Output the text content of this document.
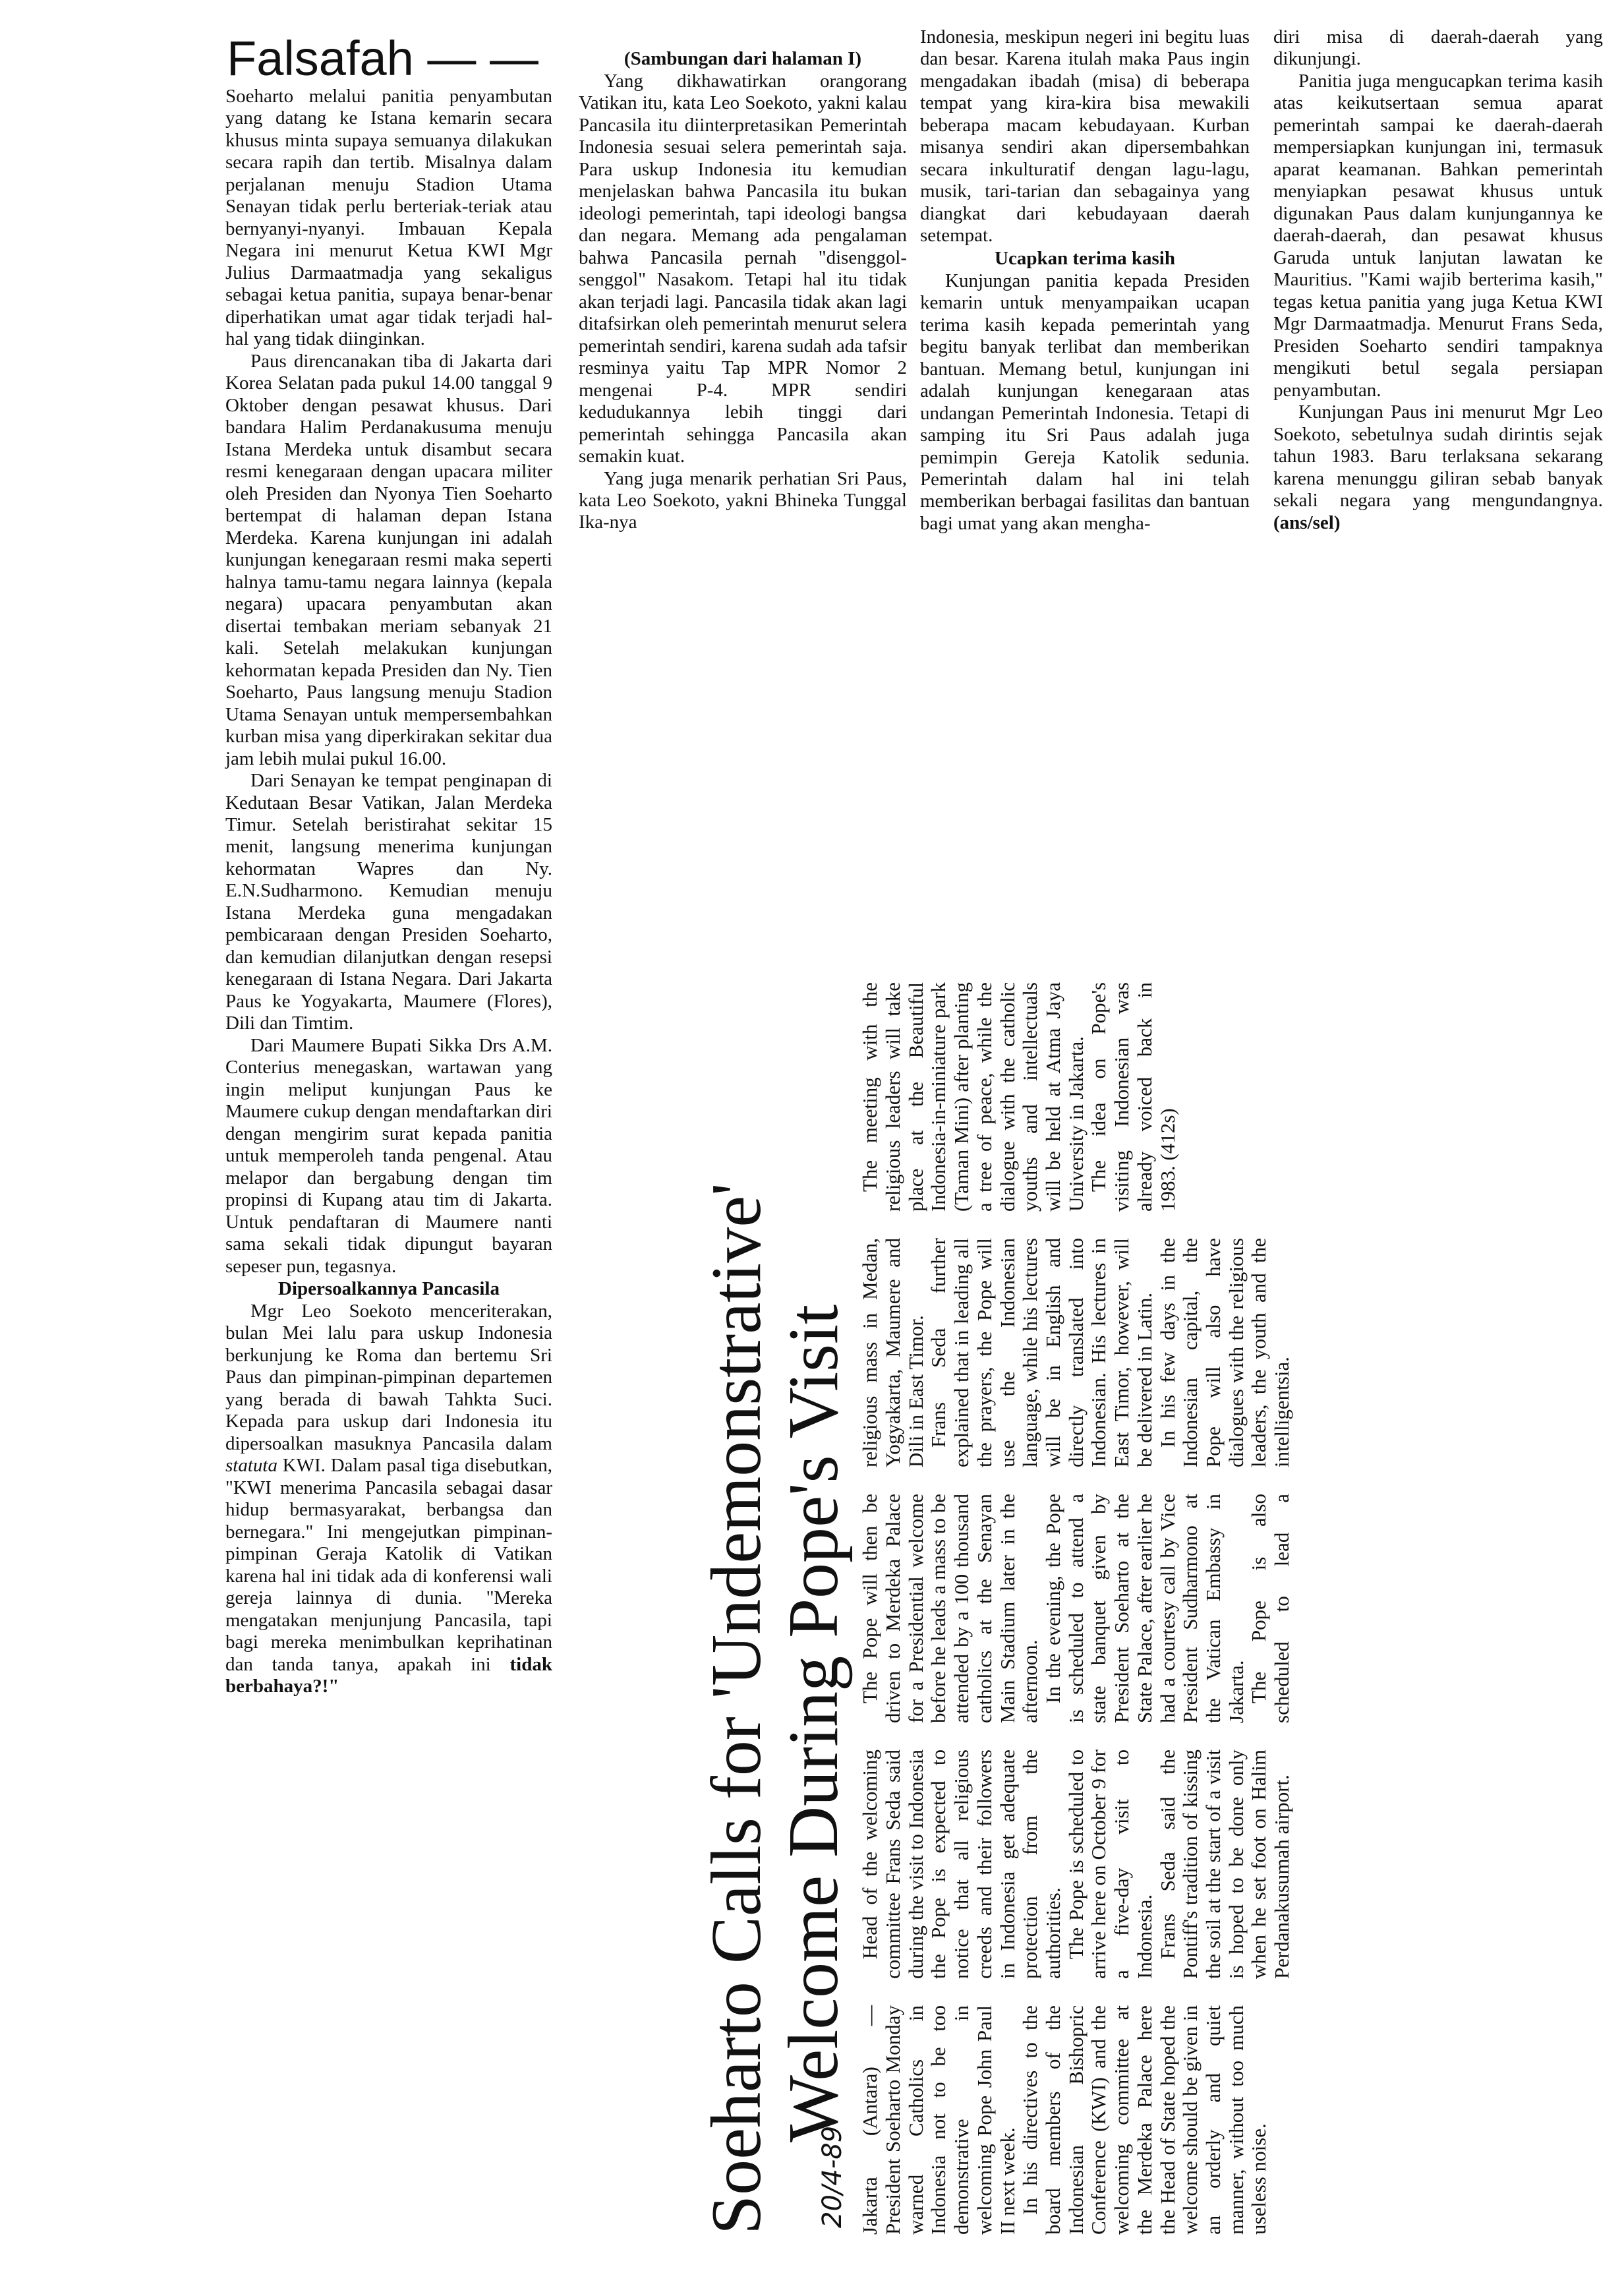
Falsafah — —

Soeharto melalui panitia penyambutan yang datang ke Istana kemarin secara khusus minta supaya semuanya dilakukan secara rapih dan tertib. Misalnya dalam perjalanan menuju Stadion Utama Senayan tidak perlu berteriak-teriak atau bernyanyi-nyanyi. Imbauan Kepala Negara ini menurut Ketua KWI Mgr Julius Darmaatmadja yang sekaligus sebagai ketua panitia, supaya benar-benar diperhatikan umat agar tidak terjadi hal-hal yang tidak diinginkan.

Paus direncanakan tiba di Jakarta dari Korea Selatan pada pukul 14.00 tanggal 9 Oktober dengan pesawat khusus. Dari bandara Halim Perdanakusuma menuju Istana Merdeka untuk disambut secara resmi kenegaraan dengan upacara militer oleh Presiden dan Nyonya Tien Soeharto bertempat di halaman depan Istana Merdeka. Karena kunjungan ini adalah kunjungan kenegaraan resmi maka seperti halnya tamu-tamu negara lainnya (kepala negara) upacara penyambutan akan disertai tembakan meriam sebanyak 21 kali. Setelah melakukan kunjungan kehormatan kepada Presiden dan Ny. Tien Soeharto, Paus langsung menuju Stadion Utama Senayan untuk mempersembahkan kurban misa yang diperkirakan sekitar dua jam lebih mulai pukul 16.00.

Dari Senayan ke tempat penginapan di Kedutaan Besar Vatikan, Jalan Merdeka Timur. Setelah beristirahat sekitar 15 menit, langsung menerima kunjungan kehormatan Wapres dan Ny. E.N.Sudharmono. Kemudian menuju Istana Merdeka guna mengadakan pembicaraan dengan Presiden Soeharto, dan kemudian dilanjutkan dengan resepsi kenegaraan di Istana Negara. Dari Jakarta Paus ke Yogyakarta, Maumere (Flores), Dili dan Timtim.

Dari Maumere Bupati Sikka Drs A.M. Conterius menegaskan, wartawan yang ingin meliput kunjungan Paus ke Maumere cukup dengan mendaftarkan diri dengan mengirim surat kepada panitia untuk memperoleh tanda pengenal. Atau melapor dan bergabung dengan tim propinsi di Kupang atau tim di Jakarta. Untuk pendaftaran di Maumere nanti sama sekali tidak dipungut bayaran sepeser pun, tegasnya.

Dipersoalkannya Pancasila

Mgr Leo Soekoto menceriterakan, bulan Mei lalu para uskup Indonesia berkunjung ke Roma dan bertemu Sri Paus dan pimpinan-pimpinan departemen yang berada di bawah Tahkta Suci. Kepada para uskup dari Indonesia itu dipersoalkan masuknya Pancasila dalam statuta KWI. Dalam pasal tiga disebutkan, "KWI menerima Pancasila sebagai dasar hidup bermasyarakat, berbangsa dan bernegara." Ini mengejutkan pimpinan-pimpinan Geraja Katolik di Vatikan karena hal ini tidak ada di konferensi wali gereja lainnya di dunia. "Mereka mengatakan menjunjung Pancasila, tapi bagi mereka menimbulkan keprihatinan dan tanda tanya, apakah ini tidak berbahaya?!"

(Sambungan dari halaman I)

Yang dikhawatirkan orangorang Vatikan itu, kata Leo Soekoto, yakni kalau Pancasila itu diinterpretasikan Pemerintah Indonesia sesuai selera pemerintah saja. Para uskup Indonesia itu kemudian menjelaskan bahwa Pancasila itu bukan ideologi pemerintah, tapi ideologi bangsa dan negara. Memang ada pengalaman bahwa Pancasila pernah "disenggol-senggol" Nasakom. Tetapi hal itu tidak akan terjadi lagi. Pancasila tidak akan lagi ditafsirkan oleh pemerintah menurut selera pemerintah sendiri, karena sudah ada tafsir resminya yaitu Tap MPR Nomor 2 mengenai P-4. MPR sendiri kedudukannya lebih tinggi dari pemerintah sehingga Pancasila akan semakin kuat.

Yang juga menarik perhatian Sri Paus, kata Leo Soekoto, yakni Bhineka Tunggal Ika-nya

Indonesia, meskipun negeri ini begitu luas dan besar. Karena itulah maka Paus ingin mengadakan ibadah (misa) di beberapa tempat yang kira-kira bisa mewakili beberapa macam kebudayaan. Kurban misanya sendiri akan dipersembahkan secara inkulturatif dengan lagu-lagu, musik, tari-tarian dan sebagainya yang diangkat dari kebudayaan daerah setempat.

Ucapkan terima kasih

Kunjungan panitia kepada Presiden kemarin untuk menyampaikan ucapan terima kasih kepada pemerintah yang begitu banyak terlibat dan memberikan bantuan. Memang betul, kunjungan ini adalah kunjungan kenegaraan atas undangan Pemerintah Indonesia. Tetapi di samping itu Sri Paus adalah juga pemimpin Gereja Katolik sedunia. Pemerintah dalam hal ini telah memberikan berbagai fasilitas dan bantuan bagi umat yang akan mengha-

diri misa di daerah-daerah yang dikunjungi.

Panitia juga mengucapkan terima kasih atas keikutsertaan semua aparat pemerintah sampai ke daerah-daerah mempersiapkan kunjungan ini, termasuk aparat keamanan. Bahkan pemerintah menyiapkan pesawat khusus untuk digunakan Paus dalam kunjungannya ke daerah-daerah, dan pesawat khusus Garuda untuk lanjutan lawatan ke Mauritius. "Kami wajib berterima kasih," tegas ketua panitia yang juga Ketua KWI Mgr Darmaatmadja. Menurut Frans Seda, Presiden Soeharto sendiri tampaknya mengikuti betul segala persiapan penyambutan.

Kunjungan Paus ini menurut Mgr Leo Soekoto, sebetulnya sudah dirintis sejak tahun 1983. Baru terlaksana sekarang karena menunggu giliran sebab banyak sekali negara yang mengundangnya. (ans/sel)

Soeharto Calls for 'Undemonstrative'
Welcome During Pope's Visit
20/4-89 Jakarta (Antara) — President Soeharto Monday warned Catholics in Indonesia not to be too demonstrative in welcoming Pope John Paul II next week. In his directives to the board members of the Indonesian Bishopric Conference (KWI) and the welcoming committee at the Merdeka Palace here the Head of State hoped the welcome should be given in an orderly and quiet manner, without too much useless noise.

Head of the welcoming committee Frans Seda said during the visit to Indonesia the Pope is expected to notice that all religious creeds and their followers in Indonesia get adequate protection from the authorities. The Pope is scheduled to arrive here on October 9 for a five-day visit to Indonesia. Frans Seda said the Pontiff's tradition of kissing the soil at the start of a visit is hoped to be done only when he set foot on Halim Perdanakusumah airport.

The Pope will then be driven to Merdeka Palace for a Presidential welcome before he leads a mass to be attended by a 100 thousand catholics at the Senayan Main Stadium later in the afternoon. In the evening, the Pope is scheduled to attend a state banquet given by President Soeharto at the State Palace, after earlier he had a courtesy call by Vice President Sudharmono at the Vatican Embassy in Jakarta. The Pope is also scheduled to lead a religious mass in Medan, Yogyakarta, Maumere and Dili in East Timor. Frans Seda further explained that in leading all the prayers, the Pope will use the Indonesian language, while his lectures will be in English and directly translated into Indonesian. His lectures in East Timor, however, will be delivered in Latin. In his few days in the Indonesian capital, the Pope will also have dialogues with the religious leaders, the youth and the intelligentsia.

The meeting with the religious leaders will take place at the Beautiful Indonesia-in-miniature park (Taman Mini) after planting a tree of peace, while the dialogue with the catholic youths and intellectuals will be held at Atma Jaya University in Jakarta. The idea on Pope's visiting Indonesian was already voiced back in 1983. (412s)
